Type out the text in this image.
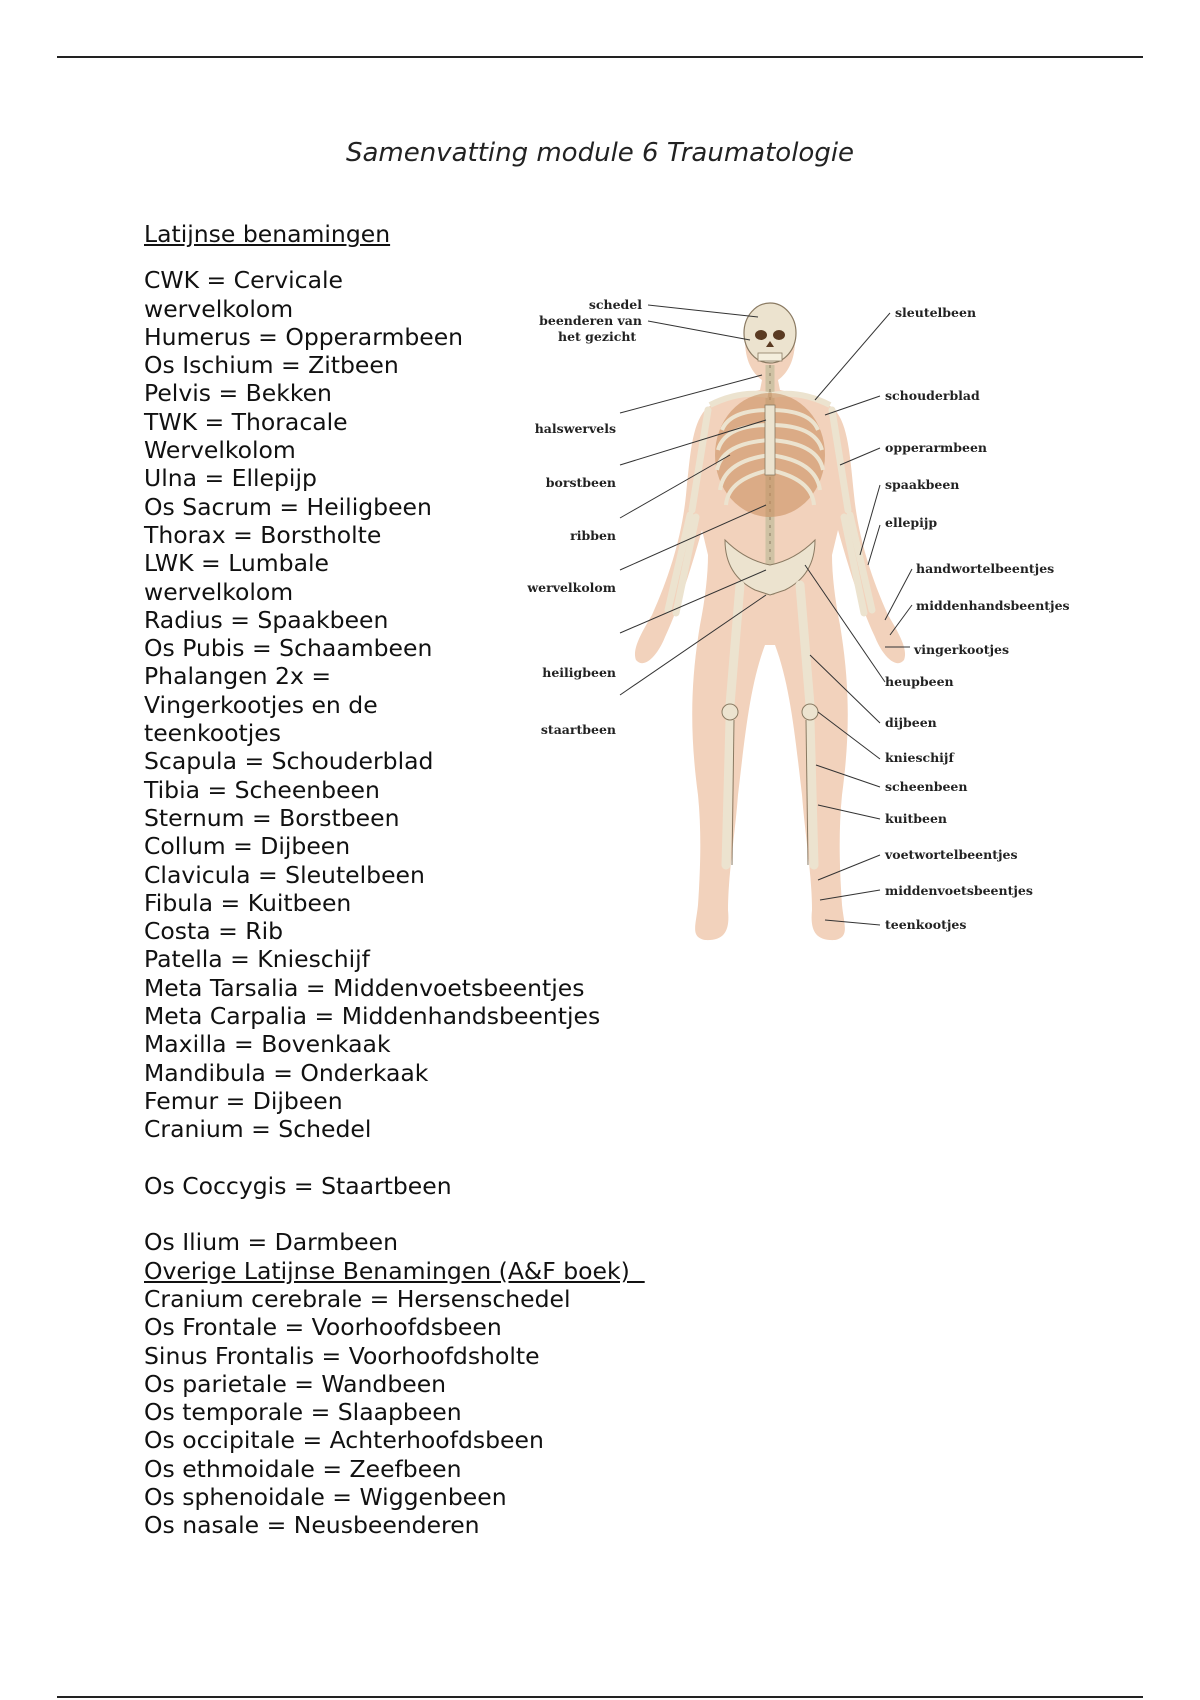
Samenvatting module 6 Traumatologie
Latijnse benamingen
CWK = Cervicale
wervelkolom
Humerus = Opperarmbeen
Os Ischium = Zitbeen
Pelvis = Bekken
TWK = Thoracale
Wervelkolom
Ulna = Ellepijp
Os Sacrum = Heiligbeen
Thorax = Borstholte
LWK = Lumbale
wervelkolom
Radius = Spaakbeen
Os Pubis = Schaambeen
Phalangen 2x =
Vingerkootjes en de
teenkootjes
Scapula = Schouderblad
Tibia = Scheenbeen
Sternum = Borstbeen
Collum = Dijbeen
Clavicula = Sleutelbeen
Fibula = Kuitbeen
Costa = Rib
Patella = Knieschijf
Meta Tarsalia = Middenvoetsbeentjes
Meta Carpalia = Middenhandsbeentjes
Maxilla = Bovenkaak
Mandibula = Onderkaak
Femur = Dijbeen
Cranium = Schedel
Os Coccygis = Staartbeen
Os Ilium = Darmbeen
Overige Latijnse Benamingen (A&F boek)
Cranium cerebrale = Hersenschedel
Os Frontale = Voorhoofdsbeen
Sinus Frontalis = Voorhoofdsholte
Os parietale = Wandbeen
Os temporale = Slaapbeen
Os occipitale = Achterhoofdsbeen
Os ethmoidale = Zeefbeen
Os sphenoidale = Wiggenbeen
Os nasale = Neusbeenderen
schedel
beenderen van
het gezicht
halswervels
borstbeen
ribben
wervelkolom
heiligbeen
staartbeen
sleutelbeen
schouderblad
opperarmbeen
spaakbeen
ellepijp
handwortelbeentjes
middenhandsbeentjes
vingerkootjes
heupbeen
dijbeen
knieschijf
scheenbeen
kuitbeen
voetwortelbeentjes
middenvoetsbeentjes
teenkootjes
